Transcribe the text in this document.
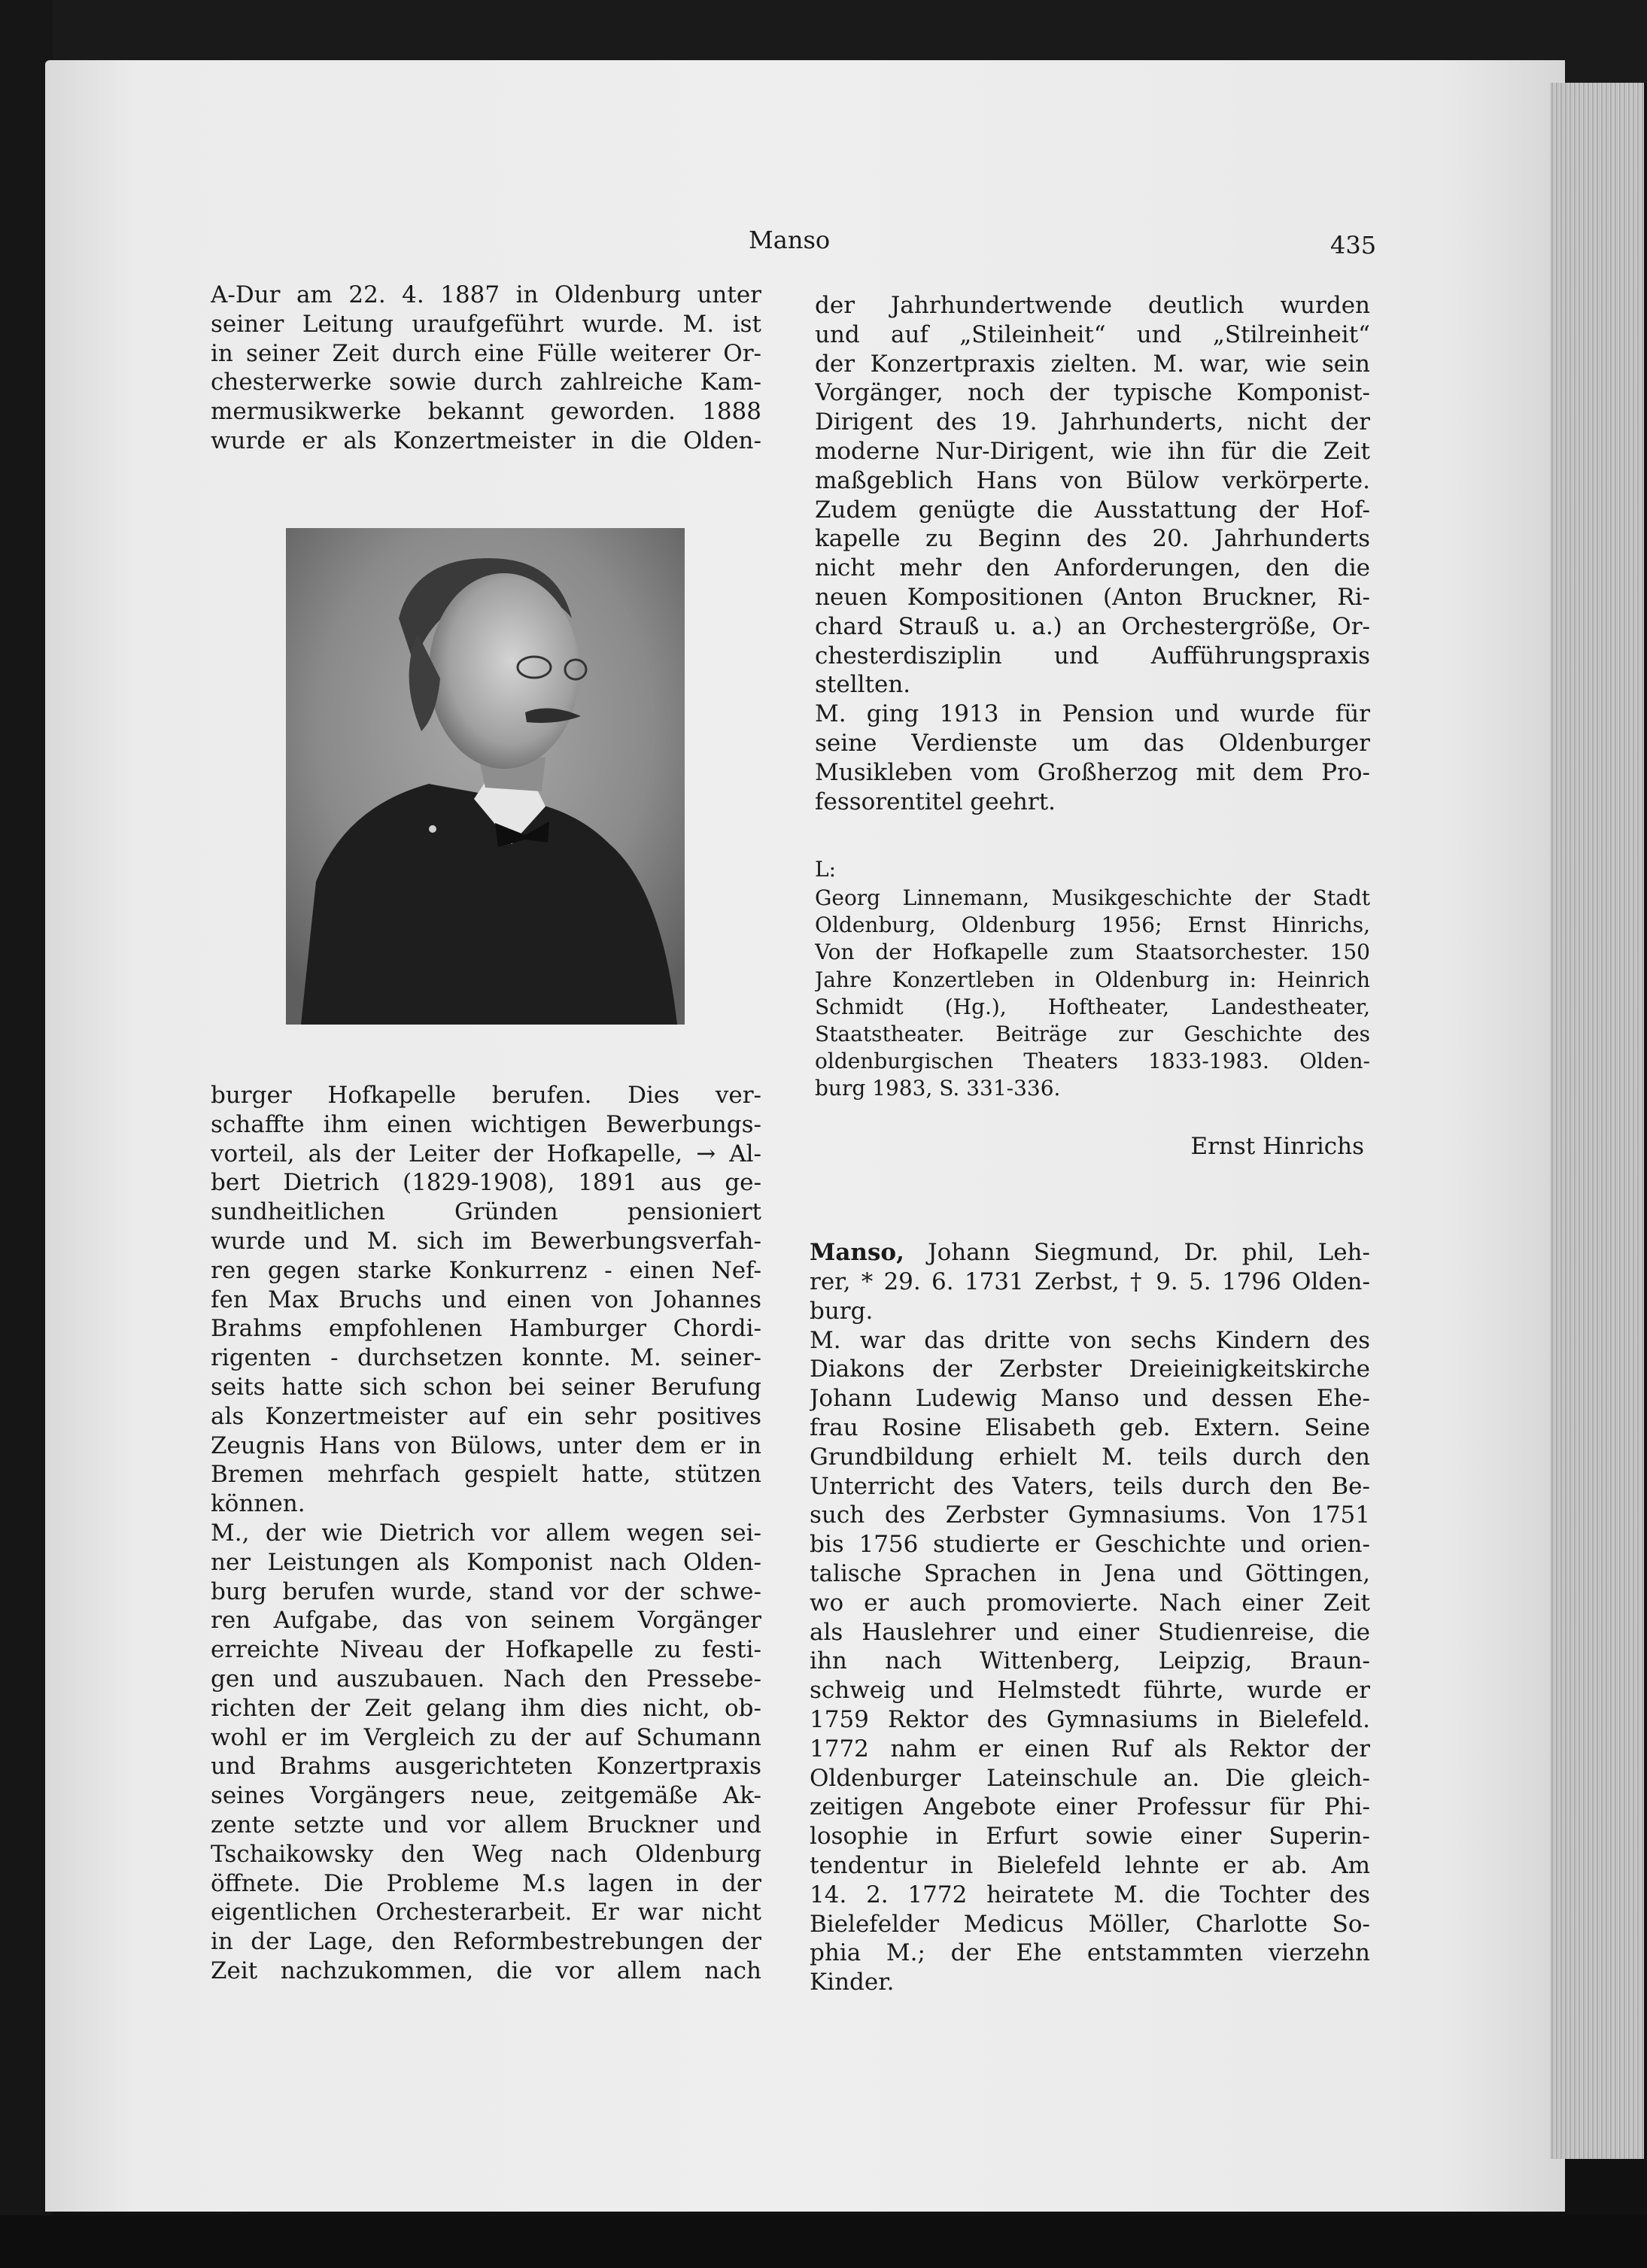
Manso	435

A-Dur am 22. 4. 1887 in Oldenburg unter
seiner Leitung uraufgeführt wurde. M. ist
in seiner Zeit durch eine Fülle weiterer Or-
chesterwerke sowie durch zahlreiche Kam-
mermusikwerke bekannt geworden. 1888
wurde er als Konzertmeister in die Olden-
burger Hofkapelle berufen. Dies ver-
schaffte ihm einen wichtigen Bewerbungs-
vorteil, als der Leiter der Hofkapelle, → Al-
bert Dietrich (1829-1908), 1891 aus ge-
sundheitlichen Gründen pensioniert
wurde und M. sich im Bewerbungsverfah-
ren gegen starke Konkurrenz - einen Nef-
fen Max Bruchs und einen von Johannes
Brahms empfohlenen Hamburger Chordi-
rigenten - durchsetzen konnte. M. seiner-
seits hatte sich schon bei seiner Berufung
als Konzertmeister auf ein sehr positives
Zeugnis Hans von Bülows, unter dem er in
Bremen mehrfach gespielt hatte, stützen
können.
M., der wie Dietrich vor allem wegen sei-
ner Leistungen als Komponist nach Olden-
burg berufen wurde, stand vor der schwe-
ren Aufgabe, das von seinem Vorgänger
erreichte Niveau der Hofkapelle zu festi-
gen und auszubauen. Nach den Pressebe-
richten der Zeit gelang ihm dies nicht, ob-
wohl er im Vergleich zu der auf Schumann
und Brahms ausgerichteten Konzertpraxis
seines Vorgängers neue, zeitgemäße Ak-
zente setzte und vor allem Bruckner und
Tschaikowsky den Weg nach Oldenburg
öffnete. Die Probleme M.s lagen in der
eigentlichen Orchesterarbeit. Er war nicht
in der Lage, den Reformbestrebungen der
Zeit nachzukommen, die vor allem nach
der Jahrhundertwende deutlich wurden
und auf „Stileinheit“ und „Stilreinheit“
der Konzertpraxis zielten. M. war, wie sein
Vorgänger, noch der typische Komponist-
Dirigent des 19. Jahrhunderts, nicht der
moderne Nur-Dirigent, wie ihn für die Zeit
maßgeblich Hans von Bülow verkörperte.
Zudem genügte die Ausstattung der Hof-
kapelle zu Beginn des 20. Jahrhunderts
nicht mehr den Anforderungen, den die
neuen Kompositionen (Anton Bruckner, Ri-
chard Strauß u. a.) an Orchestergröße, Or-
chesterdisziplin und Aufführungspraxis
stellten.
M. ging 1913 in Pension und wurde für
seine Verdienste um das Oldenburger
Musikleben vom Großherzog mit dem Pro-
fessorentitel geehrt.

L:

Georg Linnemann, Musikgeschichte der Stadt
Oldenburg, Oldenburg 1956; Ernst Hinrichs,
Von der Hofkapelle zum Staatsorchester. 150
Jahre Konzertleben in Oldenburg in: Heinrich
Schmidt (Hg.), Hoftheater, Landestheater,
Staatstheater. Beiträge zur Geschichte des
oldenburgischen Theaters 1833-1983. Olden-
burg 1983, S. 331-336.

Ernst Hinrichs

Manso, Johann Siegmund, Dr. phil, Leh-
rer, * 29. 6. 1731 Zerbst, † 9. 5. 1796 Olden-
burg.
M. war das dritte von sechs Kindern des
Diakons der Zerbster Dreieinigkeitskirche
Johann Ludewig Manso und dessen Ehe-
frau Rosine Elisabeth geb. Extern. Seine
Grundbildung erhielt M. teils durch den
Unterricht des Vaters, teils durch den Be-
such des Zerbster Gymnasiums. Von 1751
bis 1756 studierte er Geschichte und orien-
talische Sprachen in Jena und Göttingen,
wo er auch promovierte. Nach einer Zeit
als Hauslehrer und einer Studienreise, die
ihn nach Wittenberg, Leipzig, Braun-
schweig und Helmstedt führte, wurde er
1759 Rektor des Gymnasiums in Bielefeld.
1772 nahm er einen Ruf als Rektor der
Oldenburger Lateinschule an. Die gleich-
zeitigen Angebote einer Professur für Phi-
losophie in Erfurt sowie einer Superin-
tendentur in Bielefeld lehnte er ab. Am
14. 2. 1772 heiratete M. die Tochter des
Bielefelder Medicus Möller, Charlotte So-
phia M.; der Ehe entstammten vierzehn
Kinder.
